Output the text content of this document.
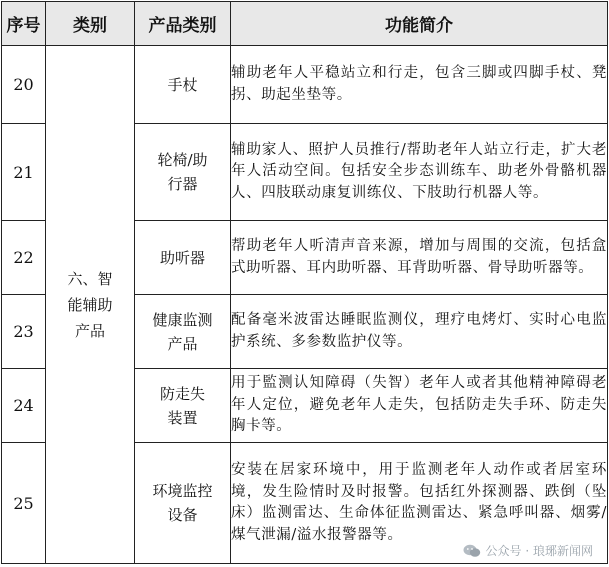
序号	类别	产品类别	功能简介
20	六、智能辅助产品	手杖	辅助老年人平稳站立和行走，包含三脚或四脚手杖、凳拐、助起坐垫等。
21		轮椅/助行器	辅助家人、照护人员推行/帮助老年人站立行走，扩大老年人活动空间。包括安全步态训练车、助老外骨骼机器人、四肢联动康复训练仪、下肢助行机器人等。
22		助听器	帮助老年人听清声音来源，增加与周围的交流，包括盒式助听器、耳内助听器、耳背助听器、骨导助听器等。
23		健康监测产品	配备毫米波雷达睡眠监测仪，理疗电烤灯、实时心电监护系统、多参数监护仪等。
24		防走失装置	用于監测认知障碍（失智）老年人或者其他精神障碍老年人定位，避免老年人走失，包括防走失手环、防走失胸卡等。
25		环境监控设备	安装在居家环境中，用于监测老年人动作或者居室环境，发生险情时及时报警。包括红外探测器、跌倒（坠床）监测雷达、生命体征监测雷达、紧急呼叫器、烟雾/煤气泄漏/溢水报警器等。
公众号 · 琅琊新闻网
